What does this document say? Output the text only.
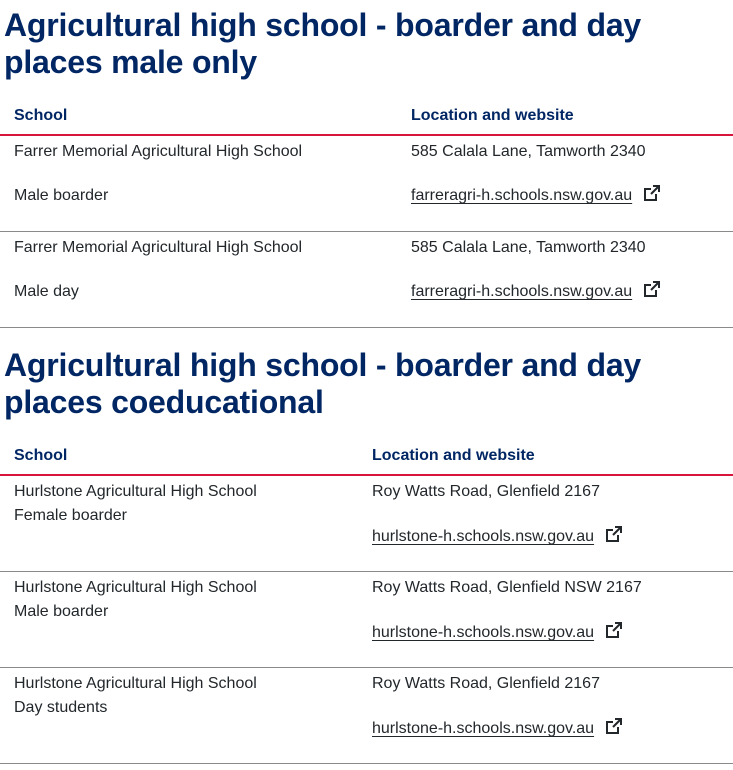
Agricultural high school - boarder and day places male only
School	Location and website

Farrer Memorial Agricultural High School
Male boarder	585 Calala Lane, Tamworth 2340
farreragri-h.schools.nsw.gov.au

Farrer Memorial Agricultural High School
Male day	585 Calala Lane, Tamworth 2340
farreragri-h.schools.nsw.gov.au
Agricultural high school - boarder and day places coeducational
School	Location and website

Hurlstone Agricultural High School
Female boarder	Roy Watts Road, Glenfield 2167
hurlstone-h.schools.nsw.gov.au

Hurlstone Agricultural High School
Male boarder	Roy Watts Road, Glenfield NSW 2167
hurlstone-h.schools.nsw.gov.au

Hurlstone Agricultural High School
Day students	Roy Watts Road, Glenfield 2167
hurlstone-h.schools.nsw.gov.au
